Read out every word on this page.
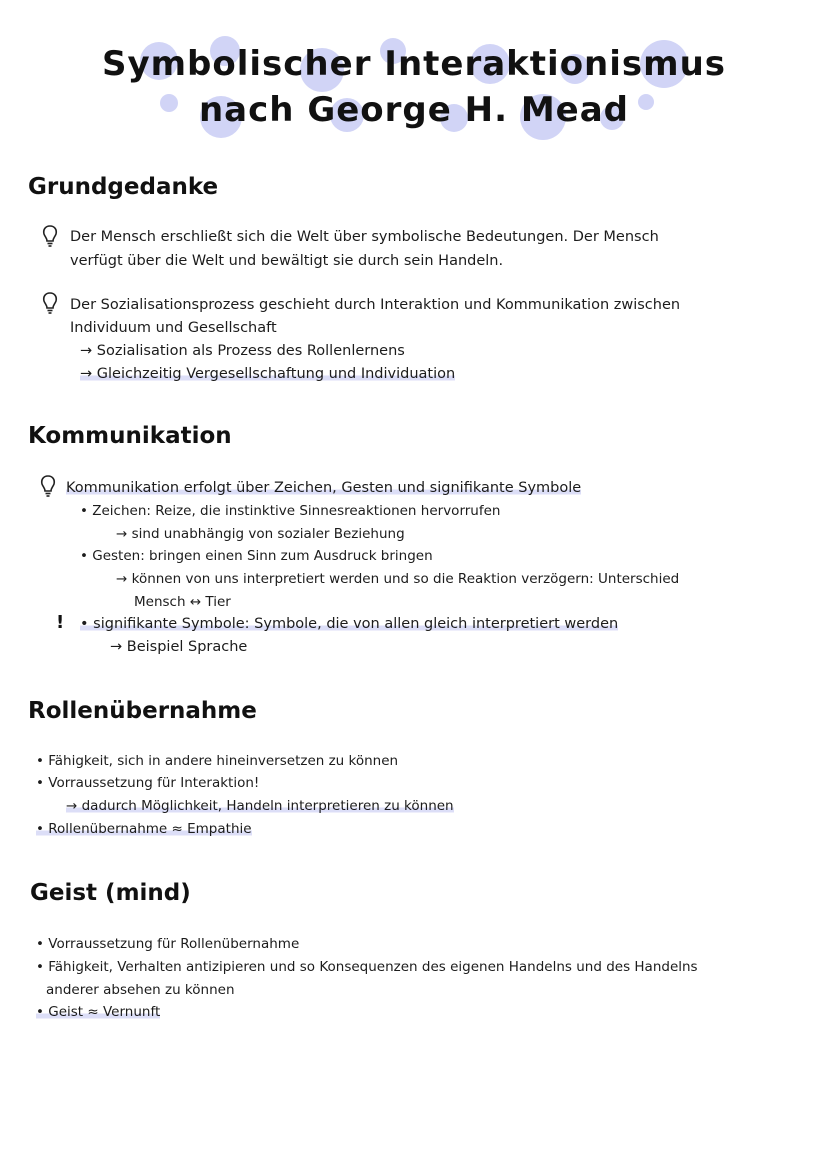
Symbolischer Interaktionismus
nach George H. Mead
Grundgedanke
Der Mensch erschließt sich die Welt über symbolische Bedeutungen. Der Mensch
verfügt über die Welt und bewältigt sie durch sein Handeln.
Der Sozialisationsprozess geschieht durch Interaktion und Kommunikation zwischen
Individuum und Gesellschaft
→ Sozialisation als Prozess des Rollenlernens
→ Gleichzeitig Vergesellschaftung und Individuation
Kommunikation
Kommunikation erfolgt über Zeichen, Gesten und signifikante Symbole
• Zeichen: Reize, die instinktive Sinnesreaktionen hervorrufen
→ sind unabhängig von sozialer Beziehung
• Gesten: bringen einen Sinn zum Ausdruck bringen
→ können von uns interpretiert werden und so die Reaktion verzögern: Unterschied
Mensch ↔ Tier
! • signifikante Symbole: Symbole, die von allen gleich interpretiert werden
→ Beispiel Sprache
Rollenübernahme
• Fähigkeit, sich in andere hineinversetzen zu können
• Vorraussetzung für Interaktion!
→ dadurch Möglichkeit, Handeln interpretieren zu können
• Rollenübernahme ≈ Empathie
Geist (mind)
• Vorraussetzung für Rollenübernahme
• Fähigkeit, Verhalten antizipieren und so Konsequenzen des eigenen Handelns und des Handelns
anderer absehen zu können
• Geist ≈ Vernunft
